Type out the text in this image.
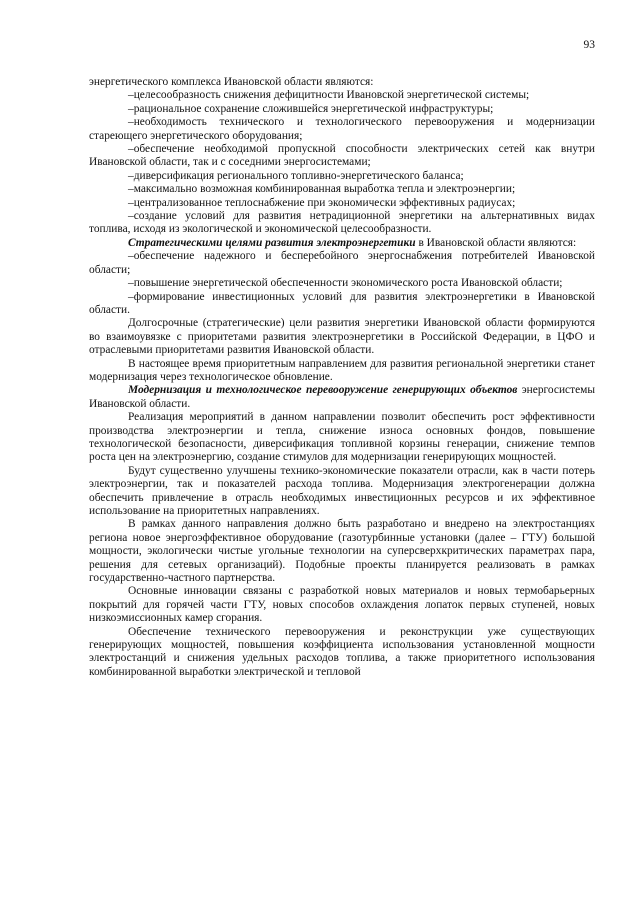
93

энергетического комплекса Ивановской области являются:

–целесообразность снижения дефицитности Ивановской энергетической системы;

–рациональное сохранение сложившейся энергетической инфраструктуры;

–необходимость технического и технологического перевооружения и модернизации стареющего энергетического оборудования;

–обеспечение необходимой пропускной способности электрических сетей как внутри Ивановской области, так и с соседними энергосистемами;

–диверсификация регионального топливно-энергетического баланса;

–максимально возможная комбинированная выработка тепла и электроэнергии;

–централизованное теплоснабжение при экономически эффективных радиусах;

–создание условий для развития нетрадиционной энергетики на альтернативных видах топлива, исходя из экологической и экономической целесообразности.

Стратегическими целями развития электроэнергетики в Ивановской области являются:

–обеспечение надежного и бесперебойного энергоснабжения потребителей Ивановской области;

–повышение энергетической обеспеченности экономического роста Ивановской области;

–формирование инвестиционных условий для развития электроэнергетики в Ивановской области.

Долгосрочные (стратегические) цели развития энергетики Ивановской области формируются во взаимоувязке с приоритетами развития электроэнергетики в Российской Федерации, в ЦФО и отраслевыми приоритетами развития Ивановской области.

В настоящее время приоритетным направлением для развития региональной энергетики станет модернизация через технологическое обновление.

Модернизация и технологическое перевооружение генерирующих объектов энергосистемы Ивановской области.

Реализация мероприятий в данном направлении позволит обеспечить рост эффективности производства электроэнергии и тепла, снижение износа основных фондов, повышение технологической безопасности, диверсификация топливной корзины генерации, снижение темпов роста цен на электроэнергию, создание стимулов для модернизации генерирующих мощностей.

Будут существенно улучшены технико-экономические показатели отрасли, как в части потерь электроэнергии, так и показателей расхода топлива. Модернизация электрогенерации должна обеспечить привлечение в отрасль необходимых инвестиционных ресурсов и их эффективное использование на приоритетных направлениях.

В рамках данного направления должно быть разработано и внедрено на электростанциях региона новое энергоэффективное оборудование (газотурбинные установки (далее – ГТУ) большой мощности, экологически чистые угольные технологии на суперсверхкритических параметрах пара, решения для сетевых организаций). Подобные проекты планируется реализовать в рамках государственно-частного партнерства.

Основные инновации связаны с разработкой новых материалов и новых термобарьерных покрытий для горячей части ГТУ, новых способов охлаждения лопаток первых ступеней, новых низкоэмиссионных камер сгорания.

Обеспечение технического перевооружения и реконструкции уже существующих генерирующих мощностей, повышения коэффициента использования установленной мощности электростанций и снижения удельных расходов топлива, а также приоритетного использования комбинированной выработки электрической и тепловой
